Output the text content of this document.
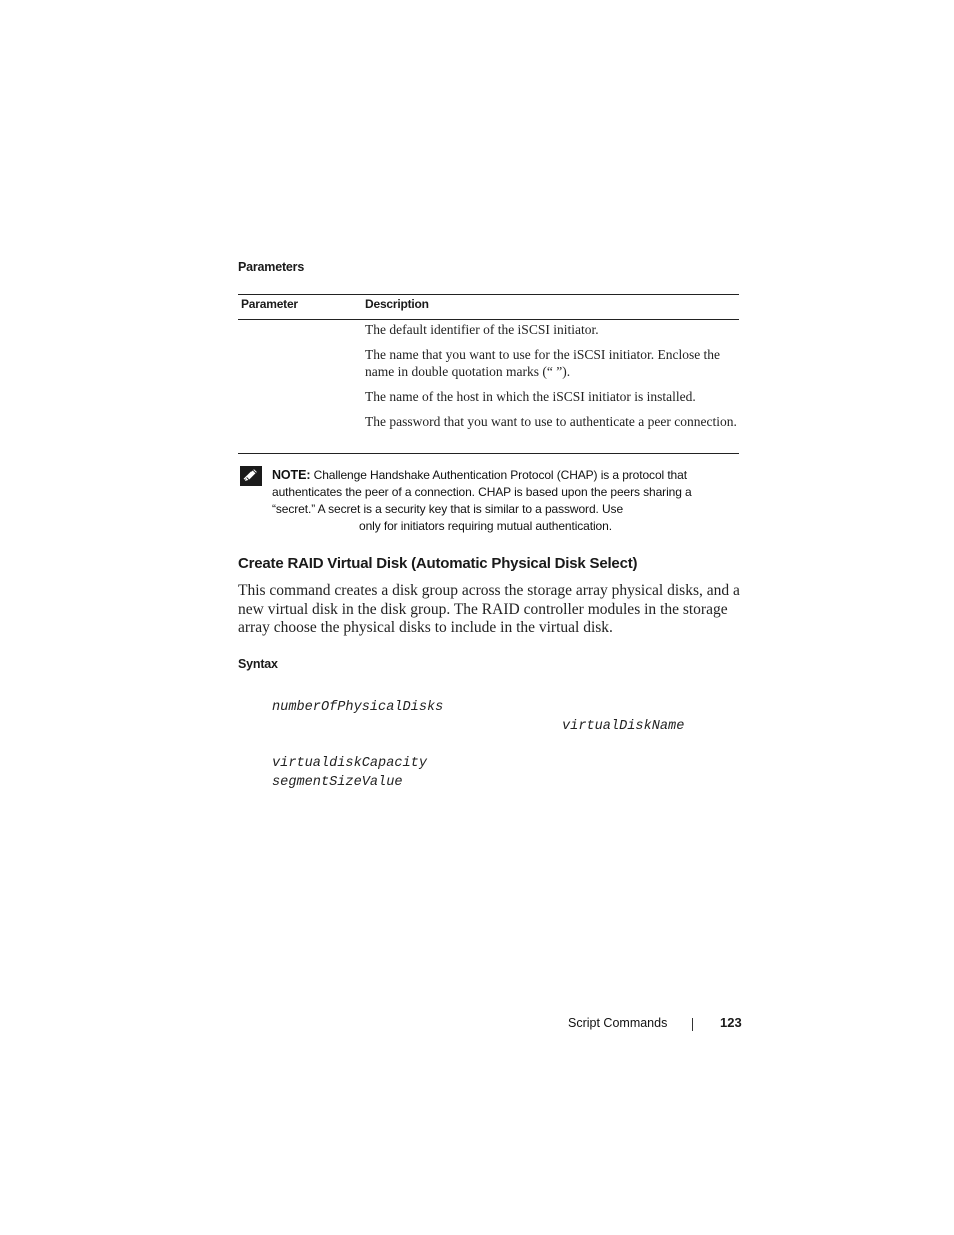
Parameters
Parameter	Description
The default identifier of the iSCSI initiator.
The name that you want to use for the iSCSI initiator. Enclose the name in double quotation marks (“ ”).
The name of the host in which the iSCSI initiator is installed.
The password that you want to use to authenticate a peer connection.
NOTE: Challenge Handshake Authentication Protocol (CHAP) is a protocol that
authenticates the peer of a connection. CHAP is based upon the peers sharing a
“secret.” A secret is a security key that is similar to a password. Use
only for initiators requiring mutual authentication.
Create RAID Virtual Disk (Automatic Physical Disk Select)
This command creates a disk group across the storage array physical disks, and a new virtual disk in the disk group. The RAID controller modules in the storage array choose the physical disks to include in the virtual disk.
Syntax
numberOfPhysicalDisks
virtualDiskName
virtualdiskCapacity
segmentSizeValue
Script Commands	123
